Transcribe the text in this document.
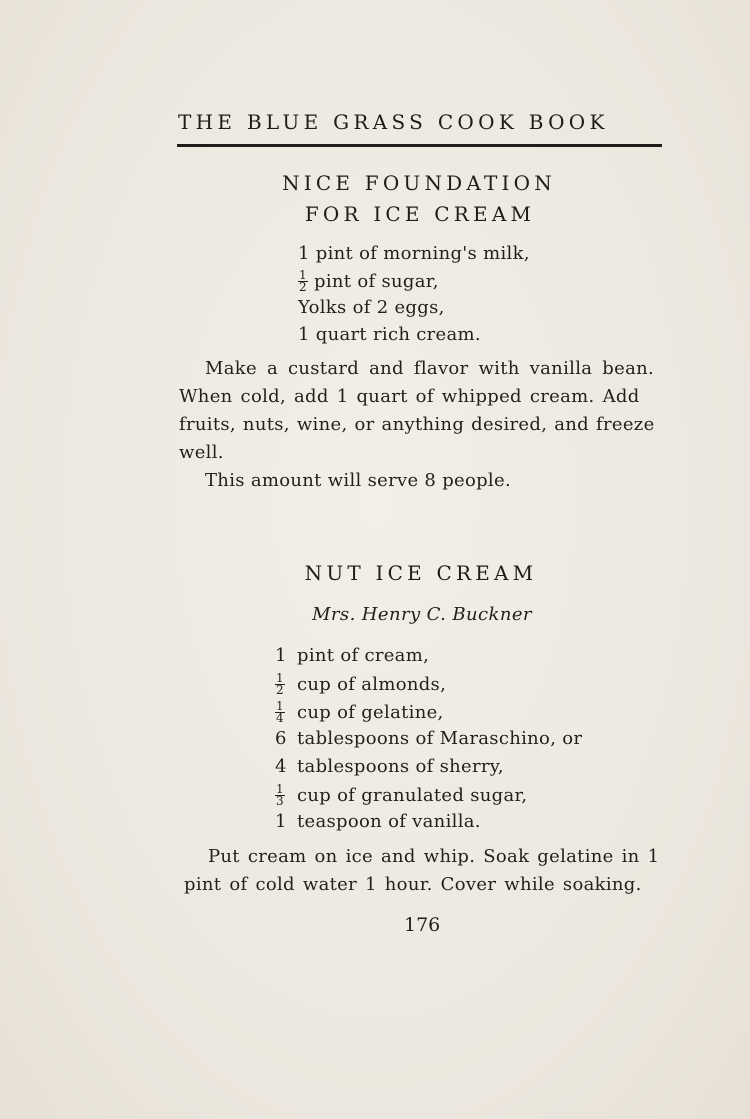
THE BLUE GRASS COOK BOOK
NICE FOUNDATION
FOR ICE CREAM
1 pint of morning's milk,
$\frac{1}{2}$ pint of sugar,
Yolks of 2 eggs,
1 quart rich cream.
Make a custard and flavor with vanilla bean.
When cold, add 1 quart of whipped cream. Add
fruits, nuts, wine, or anything desired, and freeze
well.
This amount will serve 8 people.
NUT ICE CREAM
Mrs. Henry C. Buckner
1 pint of cream,
$\frac{1}{2}$ cup of almonds,
$\frac{1}{4}$ cup of gelatine,
6 tablespoons of Maraschino, or
4 tablespoons of sherry,
$\frac{1}{3}$ cup of granulated sugar,
1 teaspoon of vanilla.
Put cream on ice and whip. Soak gelatine in 1
pint of cold water 1 hour. Cover while soaking.
176
